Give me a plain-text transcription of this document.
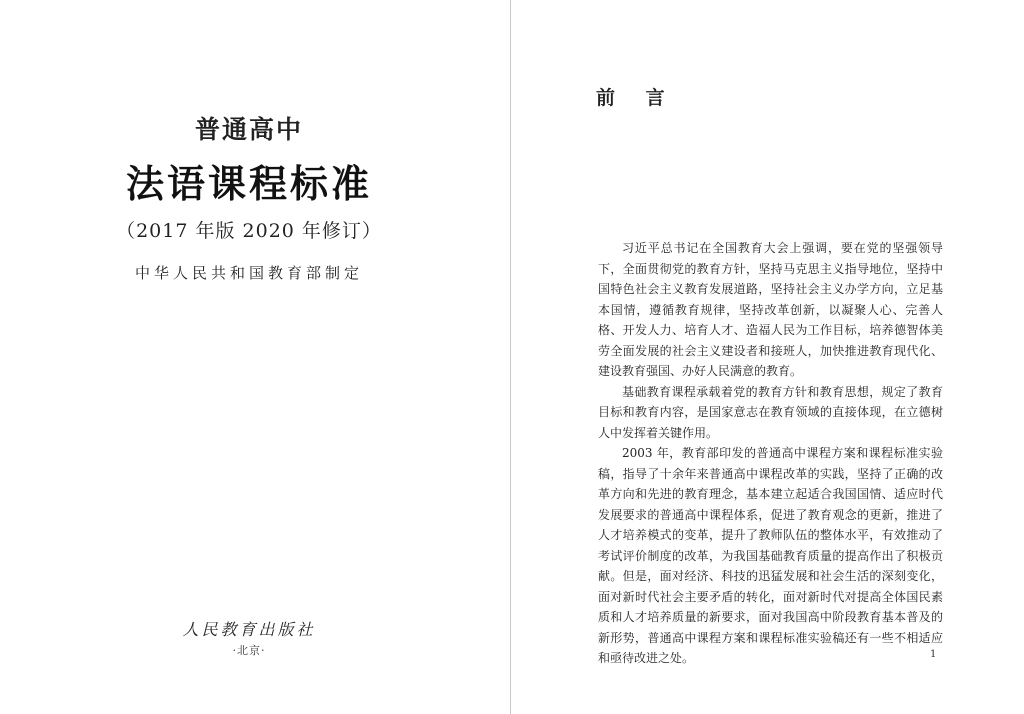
普通高中
法语课程标准
（2017 年版 2020 年修订）
中华人民共和国教育部制定
人民教育出版社
·北京·
前 言

习近平总书记在全国教育大会上强调，要在党的坚强领导下，全面贯彻党的教育方针，坚持马克思主义指导地位，坚持中国特色社会主义教育发展道路，坚持社会主义办学方向，立足基本国情，遵循教育规律，坚持改革创新，以凝聚人心、完善人格、开发人力、培育人才、造福人民为工作目标，培养德智体美劳全面发展的社会主义建设者和接班人，加快推进教育现代化、建设教育强国、办好人民满意的教育。

基础教育课程承载着党的教育方针和教育思想，规定了教育目标和教育内容，是国家意志在教育领域的直接体现，在立德树人中发挥着关键作用。

2003 年，教育部印发的普通高中课程方案和课程标准实验稿，指导了十余年来普通高中课程改革的实践，坚持了正确的改革方向和先进的教育理念，基本建立起适合我国国情、适应时代发展要求的普通高中课程体系，促进了教育观念的更新，推进了人才培养模式的变革，提升了教师队伍的整体水平，有效推动了考试评价制度的改革，为我国基础教育质量的提高作出了积极贡献。但是，面对经济、科技的迅猛发展和社会生活的深刻变化，面对新时代社会主要矛盾的转化，面对新时代对提高全体国民素质和人才培养质量的新要求，面对我国高中阶段教育基本普及的新形势，普通高中课程方案和课程标准实验稿还有一些不相适应和亟待改进之处。	1
